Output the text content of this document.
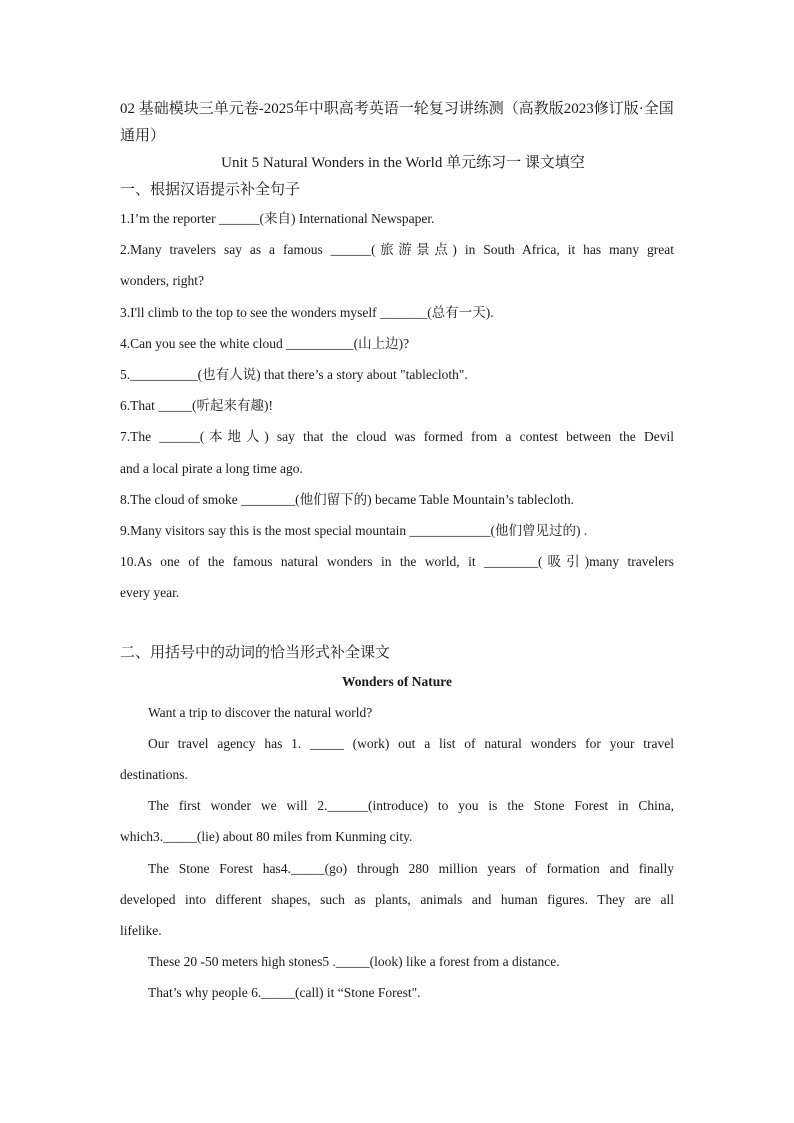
02 基础模块三单元卷-2025年中职高考英语一轮复习讲练测（高教版2023修订版·全国通用）

Unit 5 Natural Wonders in the World 单元练习一 课文填空

一、根据汉语提示补全句子

1.I’m the reporter ______(来自) International Newspaper.

2.Many travelers say as a famous ______(旅游景点) in South Africa, it has many great

wonders, right?

3.I'll climb to the top to see the wonders myself _______(总有一天).

4.Can you see the white cloud __________(山上边)?

5.__________(也有人说) that there’s a story about "tablecloth".

6.That _____(听起来有趣)!

7.The ______(本地人) say that the cloud was formed from a contest between the Devil

and a local pirate a long time ago.

8.The cloud of smoke ________(他们留下的) became Table Mountain’s tablecloth.

9.Many visitors say this is the most special mountain ____________(他们曾见过的) .

10.As one of the famous natural wonders in the world, it ________(吸引)many travelers

every year.

二、用括号中的动词的恰当形式补全课文

Wonders of Nature

Want a trip to discover the natural world?

Our travel agency has 1. _____ (work) out a list of natural wonders for your travel

destinations.

The first wonder we will 2.______(introduce) to you is the Stone Forest in China,

which3._____(lie) about 80 miles from Kunming city.

The Stone Forest has4._____(go) through 280 million years of formation and finally

developed into different shapes, such as plants, animals and human figures. They are all

lifelike.

These 20 -50 meters high stones5 ._____(look) like a forest from a distance.

That’s why people 6._____(call) it “Stone Forest".
